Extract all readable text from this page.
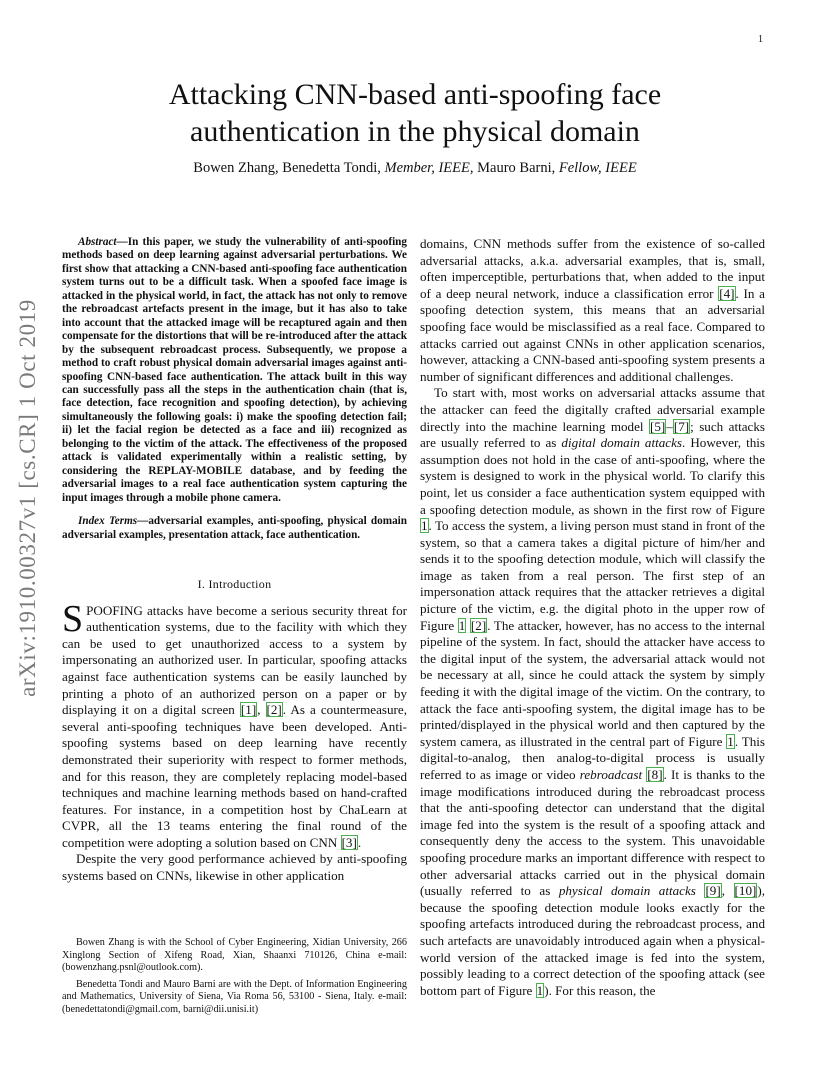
1
arXiv:1910.00327v1 [cs.CR] 1 Oct 2019
Attacking CNN-based anti-spoofing face authentication in the physical domain
Bowen Zhang, Benedetta Tondi, Member, IEEE, Mauro Barni, Fellow, IEEE

Abstract—In this paper, we study the vulnerability of anti-spoofing methods based on deep learning against adversarial perturbations. We first show that attacking a CNN-based anti-spoofing face authentication system turns out to be a difficult task. When a spoofed face image is attacked in the physical world, in fact, the attack has not only to remove the rebroadcast artefacts present in the image, but it has also to take into account that the attacked image will be recaptured again and then compensate for the distortions that will be re-introduced after the attack by the subsequent rebroadcast process. Subsequently, we propose a method to craft robust physical domain adversarial images against anti-spoofing CNN-based face authentication. The attack built in this way can successfully pass all the steps in the authentication chain (that is, face detection, face recognition and spoofing detection), by achieving simultaneously the following goals: i) make the spoofing detection fail; ii) let the facial region be detected as a face and iii) recognized as belonging to the victim of the attack. The effectiveness of the proposed attack is validated experimentally within a realistic setting, by considering the REPLAY-MOBILE database, and by feeding the adversarial images to a real face authentication system capturing the input images through a mobile phone camera.

Index Terms—adversarial examples, anti-spoofing, physical domain adversarial examples, presentation attack, face authentication.

I. Introduction

SPOOFING attacks have become a serious security threat for authentication systems, due to the facility with which they can be used to get unauthorized access to a system by impersonating an authorized user. In particular, spoofing attacks against face authentication systems can be easily launched by printing a photo of an authorized person on a paper or by displaying it on a digital screen [1], [2]. As a countermeasure, several anti-spoofing techniques have been developed. Anti-spoofing systems based on deep learning have recently demonstrated their superiority with respect to former methods, and for this reason, they are completely replacing model-based techniques and machine learning methods based on hand-crafted features. For instance, in a competition host by ChaLearn at CVPR, all the 13 teams entering the final round of the competition were adopting a solution based on CNN [3].

Despite the very good performance achieved by anti-spoofing systems based on CNNs, likewise in other application

Bowen Zhang is with the School of Cyber Engineering, Xidian University, 266 Xinglong Section of Xifeng Road, Xian, Shaanxi 710126, China e-mail: (bowenzhang.psnl@outlook.com).

Benedetta Tondi and Mauro Barni are with the Dept. of Information Engineering and Mathematics, University of Siena, Via Roma 56, 53100 - Siena, Italy. e-mail: (benedettatondi@gmail.com, barni@dii.unisi.it)

domains, CNN methods suffer from the existence of so-called adversarial attacks, a.k.a. adversarial examples, that is, small, often imperceptible, perturbations that, when added to the input of a deep neural network, induce a classification error [4]. In a spoofing detection system, this means that an adversarial spoofing face would be misclassified as a real face. Compared to attacks carried out against CNNs in other application scenarios, however, attacking a CNN-based anti-spoofing system presents a number of significant differences and additional challenges.

To start with, most works on adversarial attacks assume that the attacker can feed the digitally crafted adversarial example directly into the machine learning model [5]–[7]; such attacks are usually referred to as digital domain attacks. However, this assumption does not hold in the case of anti-spoofing, where the system is designed to work in the physical world. To clarify this point, let us consider a face authentication system equipped with a spoofing detection module, as shown in the first row of Figure 1. To access the system, a living person must stand in front of the system, so that a camera takes a digital picture of him/her and sends it to the spoofing detection module, which will classify the image as taken from a real person. The first step of an impersonation attack requires that the attacker retrieves a digital picture of the victim, e.g. the digital photo in the upper row of Figure 1 [2]. The attacker, however, has no access to the internal pipeline of the system. In fact, should the attacker have access to the digital input of the system, the adversarial attack would not be necessary at all, since he could attack the system by simply feeding it with the digital image of the victim. On the contrary, to attack the face anti-spoofing system, the digital image has to be printed/displayed in the physical world and then captured by the system camera, as illustrated in the central part of Figure 1. This digital-to-analog, then analog-to-digital process is usually referred to as image or video rebroadcast [8]. It is thanks to the image modifications introduced during the rebroadcast process that the anti-spoofing detector can understand that the digital image fed into the system is the result of a spoofing attack and consequently deny the access to the system. This unavoidable spoofing procedure marks an important difference with respect to other adversarial attacks carried out in the physical domain (usually referred to as physical domain attacks [9], [10]), because the spoofing detection module looks exactly for the spoofing artefacts introduced during the rebroadcast process, and such artefacts are unavoidably introduced again when a physical-world version of the attacked image is fed into the system, possibly leading to a correct detection of the spoofing attack (see bottom part of Figure 1). For this reason, the
